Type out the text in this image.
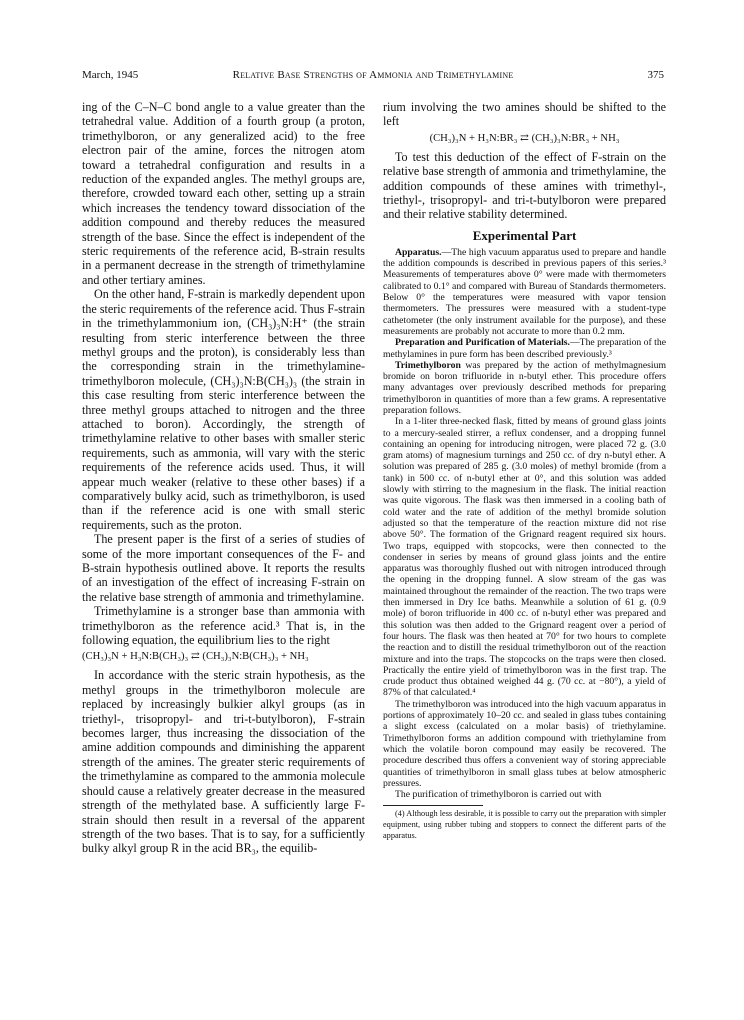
March, 1945	Relative Base Strengths of Ammonia and Trimethylamine	375

ing of the C–N–C bond angle to a value greater than the tetrahedral value. Addition of a fourth group (a proton, trimethylboron, or any generalized acid) to the free electron pair of the amine, forces the nitrogen atom toward a tetrahedral configuration and results in a reduction of the expanded angles. The methyl groups are, therefore, crowded toward each other, setting up a strain which increases the tendency toward dissociation of the addition compound and thereby reduces the measured strength of the base. Since the effect is independent of the steric requirements of the reference acid, B-strain results in a permanent decrease in the strength of trimethylamine and other tertiary amines.

On the other hand, F-strain is markedly dependent upon the steric requirements of the reference acid. Thus F-strain in the trimethylammonium ion, (CH₃)₃N:H⁺ (the strain resulting from steric interference between the three methyl groups and the proton), is considerably less than the corresponding strain in the trimethylamine-trimethylboron molecule, (CH₃)₃N:B(CH₃)₃ (the strain in this case resulting from steric interference between the three methyl groups attached to nitrogen and the three attached to boron). Accordingly, the strength of trimethylamine relative to other bases with smaller steric requirements, such as ammonia, will vary with the steric requirements of the reference acids used. Thus, it will appear much weaker (relative to these other bases) if a comparatively bulky acid, such as trimethylboron, is used than if the reference acid is one with small steric requirements, such as the proton.

The present paper is the first of a series of studies of some of the more important consequences of the F- and B-strain hypothesis outlined above. It reports the results of an investigation of the effect of increasing F-strain on the relative base strength of ammonia and trimethylamine.

Trimethylamine is a stronger base than ammonia with trimethylboron as the reference acid.³ That is, in the following equation, the equilibrium lies to the right

(CH₃)₃N + H₃N:B(CH₃)₃ ⇄ (CH₃)₃N:B(CH₃)₃ + NH₃

In accordance with the steric strain hypothesis, as the methyl groups in the trimethylboron molecule are replaced by increasingly bulkier alkyl groups (as in triethyl-, trisopropyl- and tri-t-butylboron), F-strain becomes larger, thus increasing the dissociation of the amine addition compounds and diminishing the apparent strength of the amines. The greater steric requirements of the trimethylamine as compared to the ammonia molecule should cause a relatively greater decrease in the measured strength of the methylated base. A sufficiently large F-strain should then result in a reversal of the apparent strength of the two bases. That is to say, for a sufficiently bulky alkyl group R in the acid BR₃, the equilib-

rium involving the two amines should be shifted to the left

(CH₃)₃N + H₃N:BR₃ ⇄ (CH₃)₃N:BR₃ + NH₃

To test this deduction of the effect of F-strain on the relative base strength of ammonia and trimethylamine, the addition compounds of these amines with trimethyl-, triethyl-, trisopropyl- and tri-t-butylboron were prepared and their relative stability determined.

Experimental Part

Apparatus.—The high vacuum apparatus used to prepare and handle the addition compounds is described in previous papers of this series.³ Measurements of temperatures above 0° were made with thermometers calibrated to 0.1° and compared with Bureau of Standards thermometers. Below 0° the temperatures were measured with vapor tension thermometers. The pressures were measured with a student-type cathetometer (the only instrument available for the purpose), and these measurements are probably not accurate to more than 0.2 mm.

Preparation and Purification of Materials.—The preparation of the methylamines in pure form has been described previously.³

Trimethylboron was prepared by the action of methylmagnesium bromide on boron trifluoride in n-butyl ether. This procedure offers many advantages over previously described methods for preparing trimethylboron in quantities of more than a few grams. A representative preparation follows.

In a 1-liter three-necked flask, fitted by means of ground glass joints to a mercury-sealed stirrer, a reflux condenser, and a dropping funnel containing an opening for introducing nitrogen, were placed 72 g. (3.0 gram atoms) of magnesium turnings and 250 cc. of dry n-butyl ether. A solution was prepared of 285 g. (3.0 moles) of methyl bromide (from a tank) in 500 cc. of n-butyl ether at 0°, and this solution was added slowly with stirring to the magnesium in the flask. The initial reaction was quite vigorous. The flask was then immersed in a cooling bath of cold water and the rate of addition of the methyl bromide solution adjusted so that the temperature of the reaction mixture did not rise above 50°. The formation of the Grignard reagent required six hours. Two traps, equipped with stopcocks, were then connected to the condenser in series by means of ground glass joints and the entire apparatus was thoroughly flushed out with nitrogen introduced through the opening in the dropping funnel. A slow stream of the gas was maintained throughout the remainder of the reaction. The two traps were then immersed in Dry Ice baths. Meanwhile a solution of 61 g. (0.9 mole) of boron trifluoride in 400 cc. of n-butyl ether was prepared and this solution was then added to the Grignard reagent over a period of four hours. The flask was then heated at 70° for two hours to complete the reaction and to distill the residual trimethylboron out of the reaction mixture and into the traps. The stopcocks on the traps were then closed. Practically the entire yield of trimethylboron was in the first trap. The crude product thus obtained weighed 44 g. (70 cc. at −80°), a yield of 87% of that calculated.⁴

The trimethylboron was introduced into the high vacuum apparatus in portions of approximately 10–20 cc. and sealed in glass tubes containing a slight excess (calculated on a molar basis) of triethylamine. Trimethylboron forms an addition compound with triethylamine from which the volatile boron compound may easily be recovered. The procedure described thus offers a convenient way of storing appreciable quantities of trimethylboron in small glass tubes at below atmospheric pressures.

The purification of trimethylboron is carried out with

(4) Although less desirable, it is possible to carry out the preparation with simpler equipment, using rubber tubing and stoppers to connect the different parts of the apparatus.
